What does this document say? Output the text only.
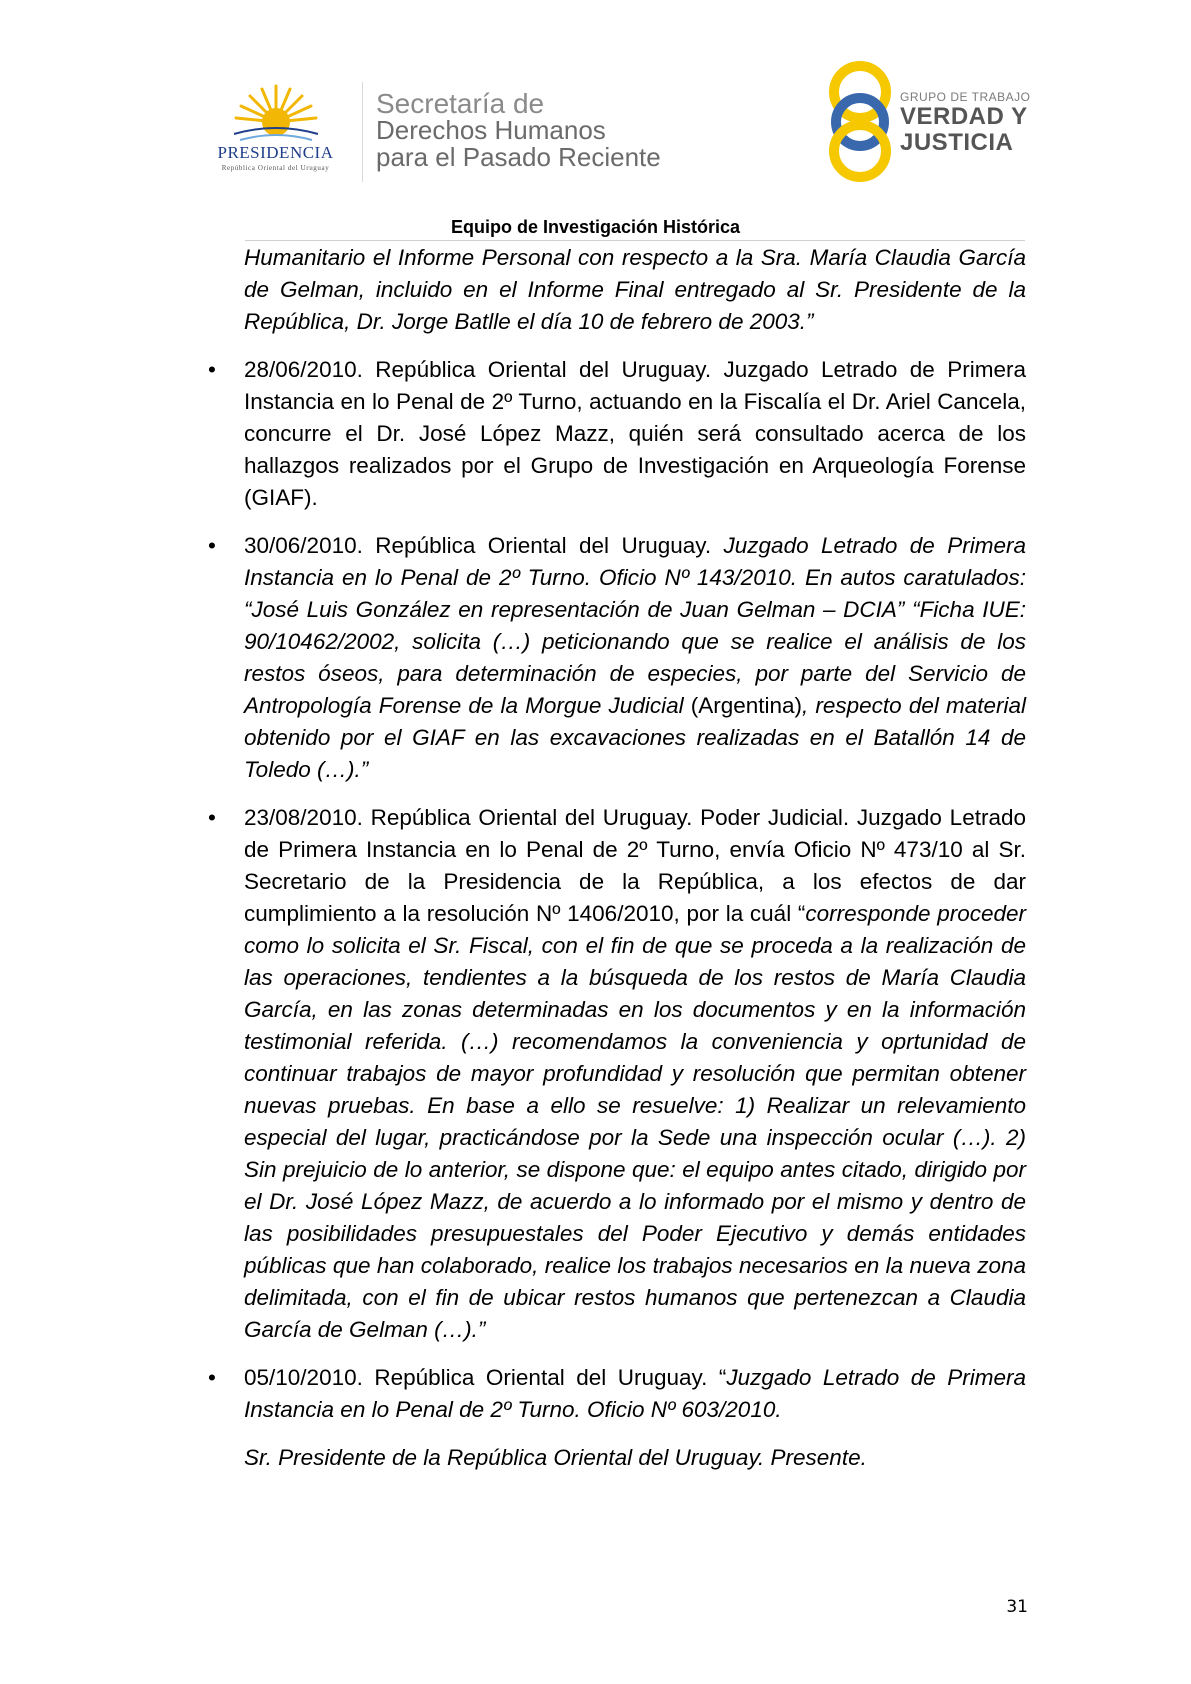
PRESIDENCIA
República Oriental del Uruguay
Secretaría de
Derechos Humanos
para el Pasado Reciente
GRUPO DE TRABAJO
VERDAD Y
JUSTICIA
Equipo de Investigación Histórica

Humanitario el Informe Personal con respecto a la Sra. María Claudia García de Gelman, incluido en el Informe Final entregado al Sr. Presidente de la República, Dr. Jorge Batlle el día 10 de febrero de 2003.”

• 28/06/2010. República Oriental del Uruguay. Juzgado Letrado de Primera Instancia en lo Penal de 2º Turno, actuando en la Fiscalía el Dr. Ariel Cancela, concurre el Dr. José López Mazz, quién será consultado acerca de los hallazgos realizados por el Grupo de Investigación en Arqueología Forense (GIAF).

• 30/06/2010. República Oriental del Uruguay. Juzgado Letrado de Primera Instancia en lo Penal de 2º Turno. Oficio Nº 143/2010. En autos caratulados: “José Luis González en representación de Juan Gelman – DCIA” “Ficha IUE: 90/10462/2002, solicita (…) peticionando que se realice el análisis de los restos óseos, para determinación de especies, por parte del Servicio de Antropología Forense de la Morgue Judicial (Argentina), respecto del material obtenido por el GIAF en las excavaciones realizadas en el Batallón 14 de Toledo (…).”

• 23/08/2010. República Oriental del Uruguay. Poder Judicial. Juzgado Letrado de Primera Instancia en lo Penal de 2º Turno, envía Oficio Nº 473/10 al Sr. Secretario de la Presidencia de la República, a los efectos de dar cumplimiento a la resolución Nº 1406/2010, por la cuál “corresponde proceder como lo solicita el Sr. Fiscal, con el fin de que se proceda a la realización de las operaciones, tendientes a la búsqueda de los restos de María Claudia García, en las zonas determinadas en los documentos y en la información testimonial referida. (…) recomendamos la conveniencia y oprtunidad de continuar trabajos de mayor profundidad y resolución que permitan obtener nuevas pruebas. En base a ello se resuelve: 1) Realizar un relevamiento especial del lugar, practicándose por la Sede una inspección ocular (…). 2) Sin prejuicio de lo anterior, se dispone que: el equipo antes citado, dirigido por el Dr. José López Mazz, de acuerdo a lo informado por el mismo y dentro de las posibilidades presupuestales del Poder Ejecutivo y demás entidades públicas que han colaborado, realice los trabajos necesarios en la nueva zona delimitada, con el fin de ubicar restos humanos que pertenezcan a Claudia García de Gelman (…).”

• 05/10/2010. República Oriental del Uruguay. “Juzgado Letrado de Primera Instancia en lo Penal de 2º Turno. Oficio Nº 603/2010.

Sr. Presidente de la República Oriental del Uruguay. Presente.

31
